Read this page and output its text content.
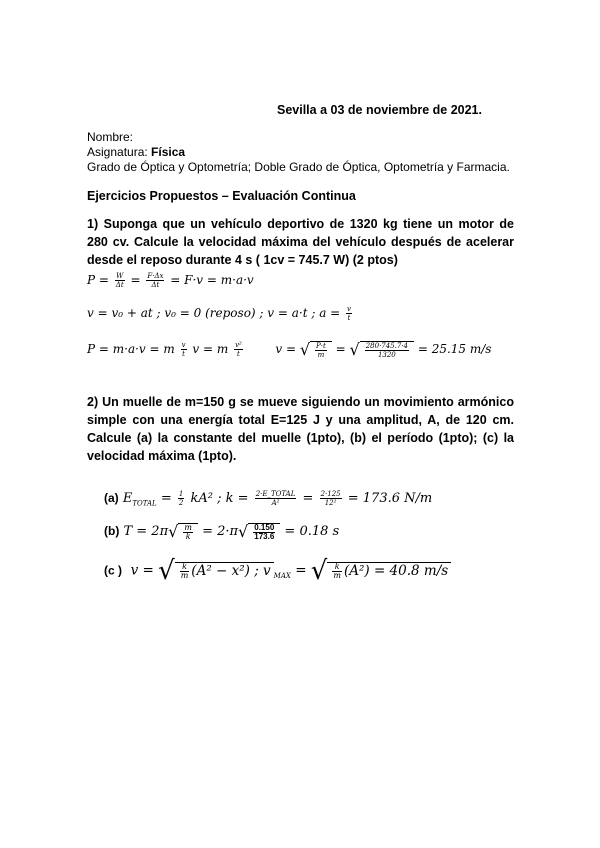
Sevilla a 03 de noviembre de 2021.
Nombre:
Asignatura: Física
Grado de Óptica y Optometría; Doble Grado de Óptica, Optometría y Farmacia.
Ejercicios Propuestos – Evaluación Continua
1) Suponga que un vehículo deportivo de 1320 kg tiene un motor de 280 cv. Calcule la velocidad máxima del vehículo después de acelerar desde el reposo durante 4 s ( 1cv = 745.7 W) (2 ptos)
$P = \frac{W}{\Delta t} = \frac{F\cdot\Delta x}{\Delta t} = F\cdot v = m\cdot a\cdot v$
v = v₀ + at ; v₀ = 0 (reposo) ; v = a·t ; $a = \frac{v}{t}$
P = m·a·v = m $\frac{v}{t}$ v = m $\frac{\text{v²}}{t}$	v = √ $\frac{P\cdot t}{m}$ = √ $\frac{280\cdot 745.7\cdot 4}{1320} = 25.15$ m/s
2) Un muelle de m=150 g se mueve siguiendo un movimiento armónico simple con una energía total E=125 J y una amplitud, A, de 120 cm. Calcule (a) la constante del muelle (1pto), (b) el período (1pto); (c) la velocidad máxima (1pto).
(a) $E_{TOTAL} = \frac{1}{2} kA^2$ ; $k = \frac{\text{2·E\_TOTAL}}{\text{A²}} = \frac{2\cdot 125}{\text{12²}} = 173.6$ N/m
(b) $T = 2\pi√ \frac{m}{k} = 2\cdot\pi√ \frac{0.150}{173.6} = 0.18$ s
(c ) v = √ $\frac{k}{m} (A^2 - x^2)$ ; v $_{MAX}$ = √ $\frac{k}{m} (A^2) = 40.8$ m/s
